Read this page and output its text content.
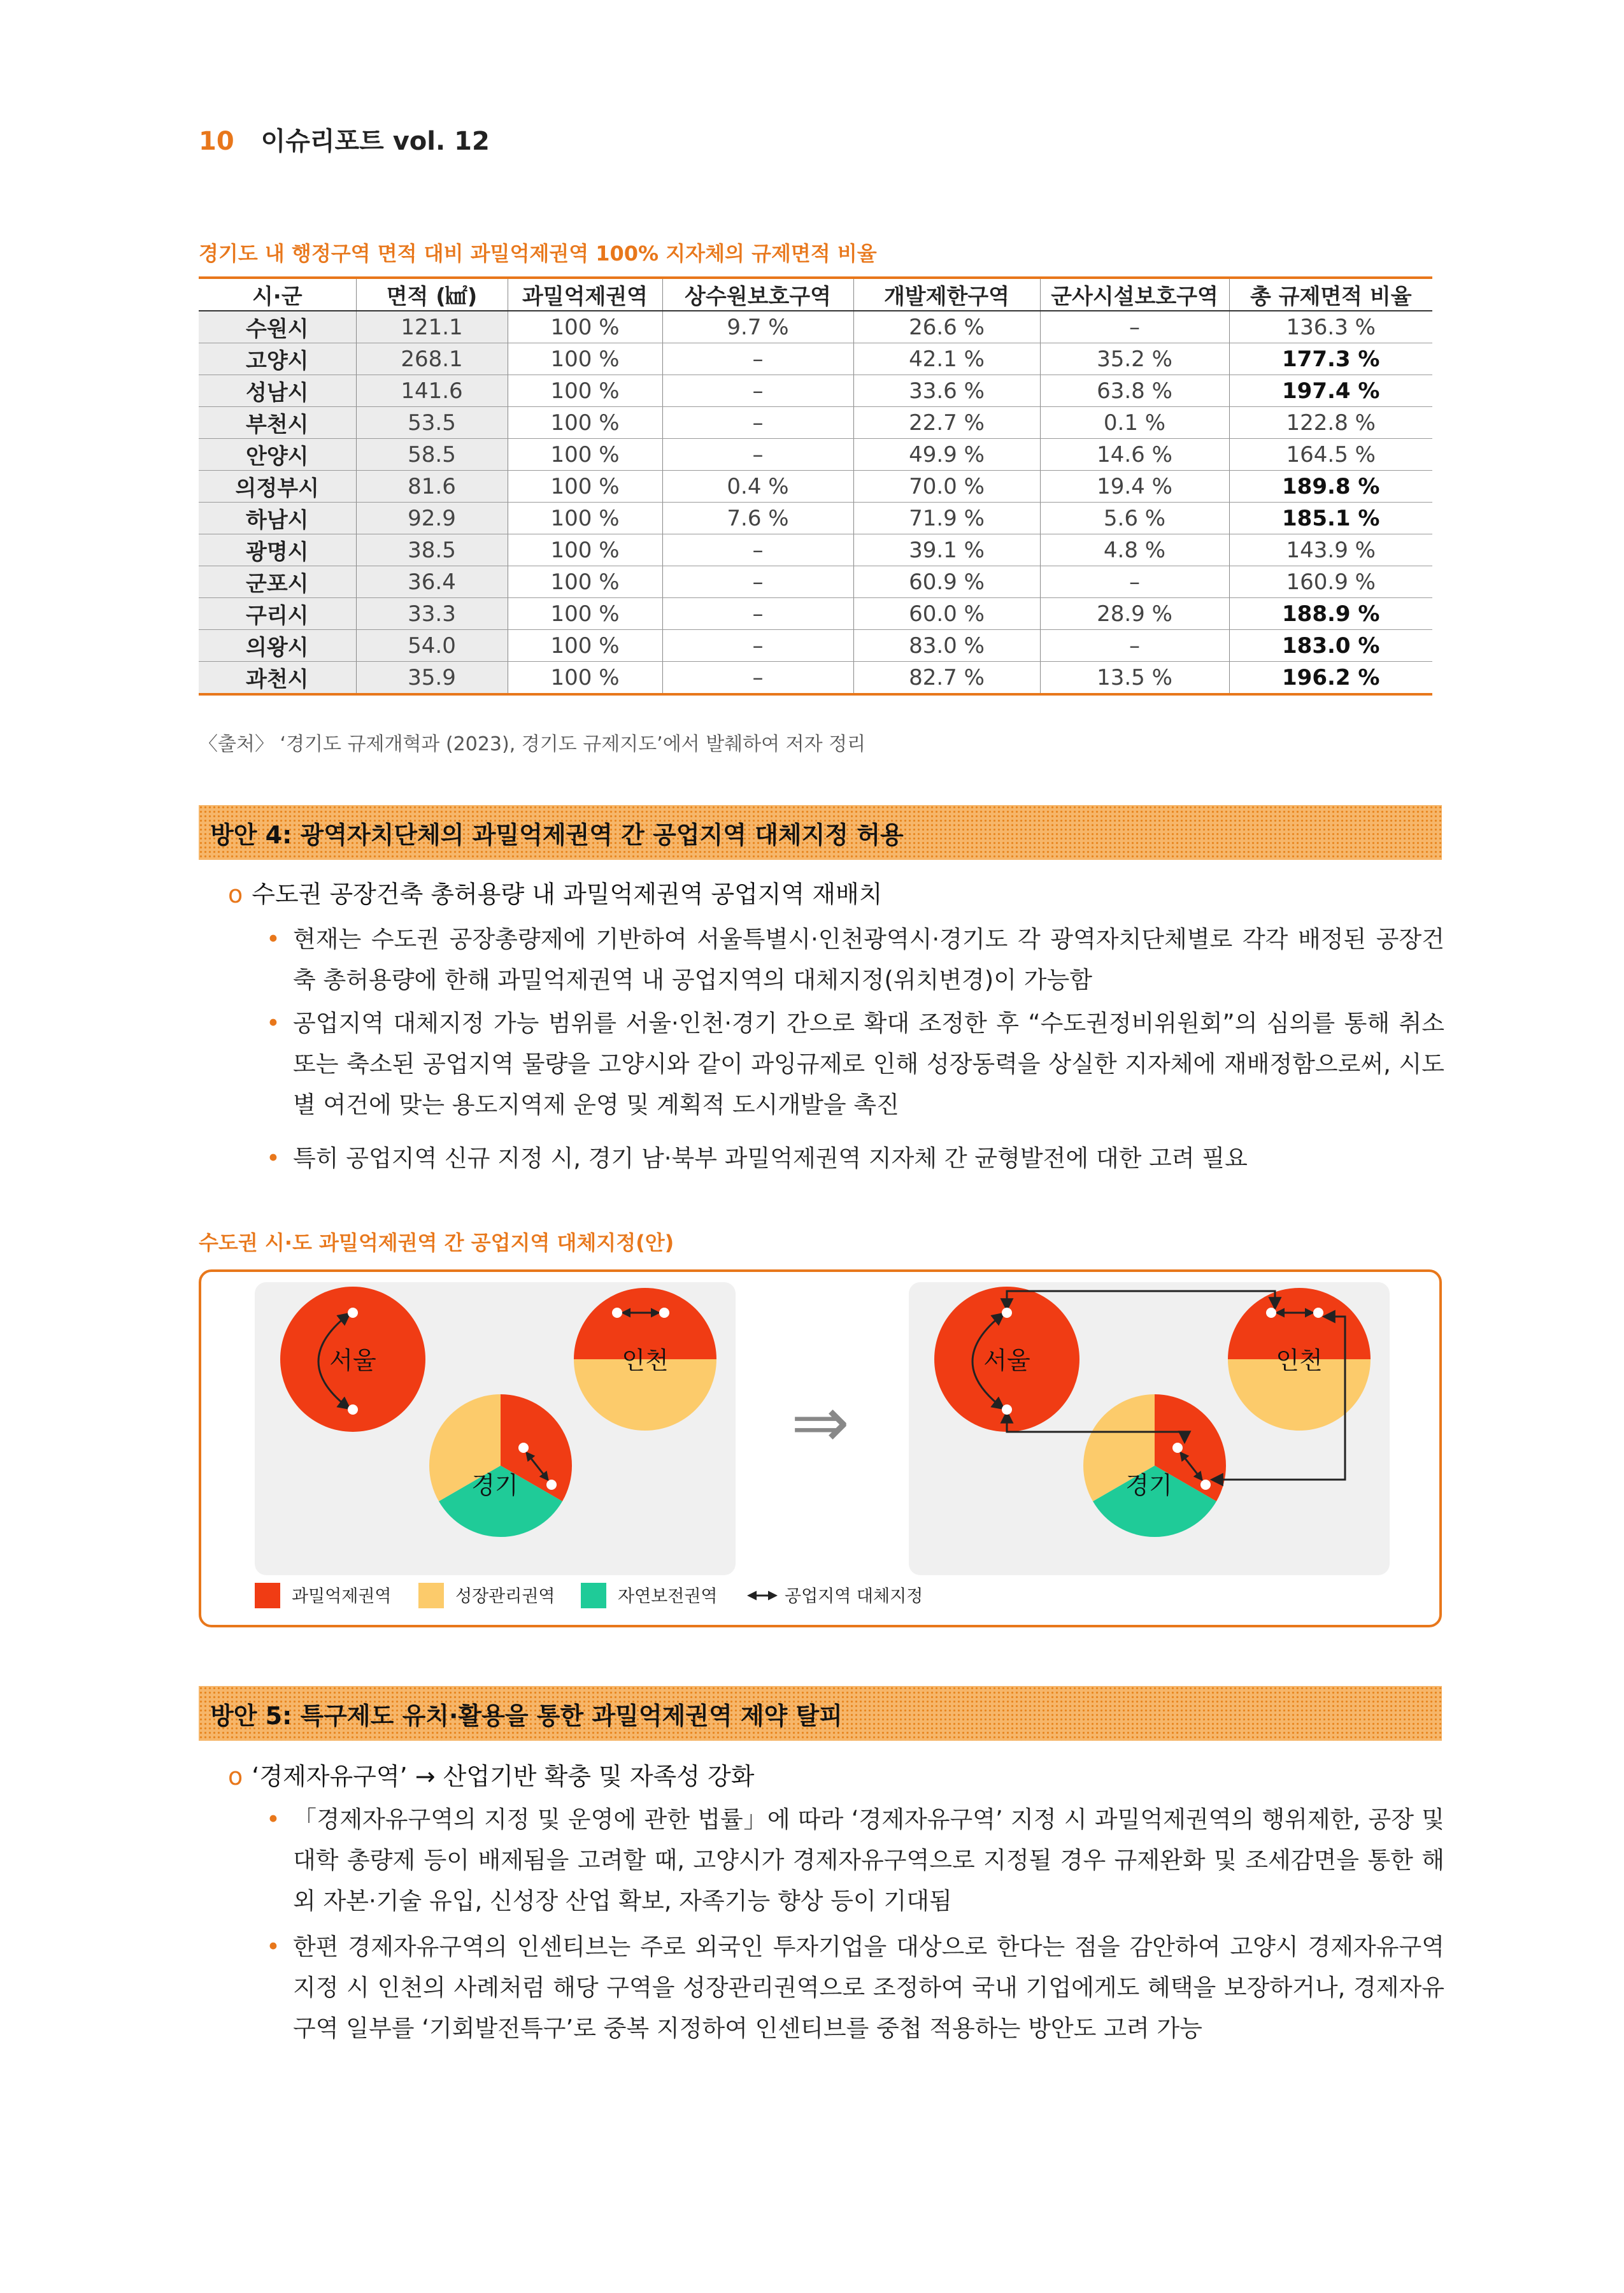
10 이슈리포트 vol. 12
경기도 내 행정구역 면적 대비 과밀억제권역 100% 지자체의 규제면적 비율
시·군	면적 (㎢)	과밀억제권역	상수원보호구역	개발제한구역	군사시설보호구역	총 규제면적 비율
수원시	121.1	100 %	9.7 %	26.6 %	–	136.3 %
고양시	268.1	100 %	–	42.1 %	35.2 %	177.3 %
성남시	141.6	100 %	–	33.6 %	63.8 %	197.4 %
부천시	53.5	100 %	–	22.7 %	0.1 %	122.8 %
안양시	58.5	100 %	–	49.9 %	14.6 %	164.5 %
의정부시	81.6	100 %	0.4 %	70.0 %	19.4 %	189.8 %
하남시	92.9	100 %	7.6 %	71.9 %	5.6 %	185.1 %
광명시	38.5	100 %	–	39.1 %	4.8 %	143.9 %
군포시	36.4	100 %	–	60.9 %	–	160.9 %
구리시	33.3	100 %	–	60.0 %	28.9 %	188.9 %
의왕시	54.0	100 %	–	83.0 %	–	183.0 %
과천시	35.9	100 %	–	82.7 %	13.5 %	196.2 %
〈출처〉 ‘경기도 규제개혁과 (2023), 경기도 규제지도’에서 발췌하여 저자 정리
방안 4: 광역자치단체의 과밀억제권역 간 공업지역 대체지정 허용
o 수도권 공장건축 총허용량 내 과밀억제권역 공업지역 재배치
• 현재는 수도권 공장총량제에 기반하여 서울특별시·인천광역시·경기도 각 광역자치단체별로 각각 배정된 공장건축 총허용량에 한해 과밀억제권역 내 공업지역의 대체지정(위치변경)이 가능함
• 공업지역 대체지정 가능 범위를 서울·인천·경기 간으로 확대 조정한 후 “수도권정비위원회”의 심의를 통해 취소 또는 축소된 공업지역 물량을 고양시와 같이 과잉규제로 인해 성장동력을 상실한 지자체에 재배정함으로써, 시도별 여건에 맞는 용도지역제 운영 및 계획적 도시개발을 촉진
• 특히 공업지역 신규 지정 시, 경기 남·북부 과밀억제권역 지자체 간 균형발전에 대한 고려 필요
수도권 시·도 과밀억제권역 간 공업지역 대체지정(안)
서울	인천
경기
⇒
서울	인천
경기
과밀억제권역	성장관리권역	자연보전권역	공업지역 대체지정
방안 5: 특구제도 유치·활용을 통한 과밀억제권역 제약 탈피
o ‘경제자유구역’ → 산업기반 확충 및 자족성 강화
• 「경제자유구역의 지정 및 운영에 관한 법률」에 따라 ‘경제자유구역’ 지정 시 과밀억제권역의 행위제한, 공장 및 대학 총량제 등이 배제됨을 고려할 때, 고양시가 경제자유구역으로 지정될 경우 규제완화 및 조세감면을 통한 해외 자본·기술 유입, 신성장 산업 확보, 자족기능 향상 등이 기대됨
• 한편 경제자유구역의 인센티브는 주로 외국인 투자기업을 대상으로 한다는 점을 감안하여 고양시 경제자유구역 지정 시 인천의 사례처럼 해당 구역을 성장관리권역으로 조정하여 국내 기업에게도 혜택을 보장하거나, 경제자유구역 일부를 ‘기회발전특구’로 중복 지정하여 인센티브를 중첩 적용하는 방안도 고려 가능
